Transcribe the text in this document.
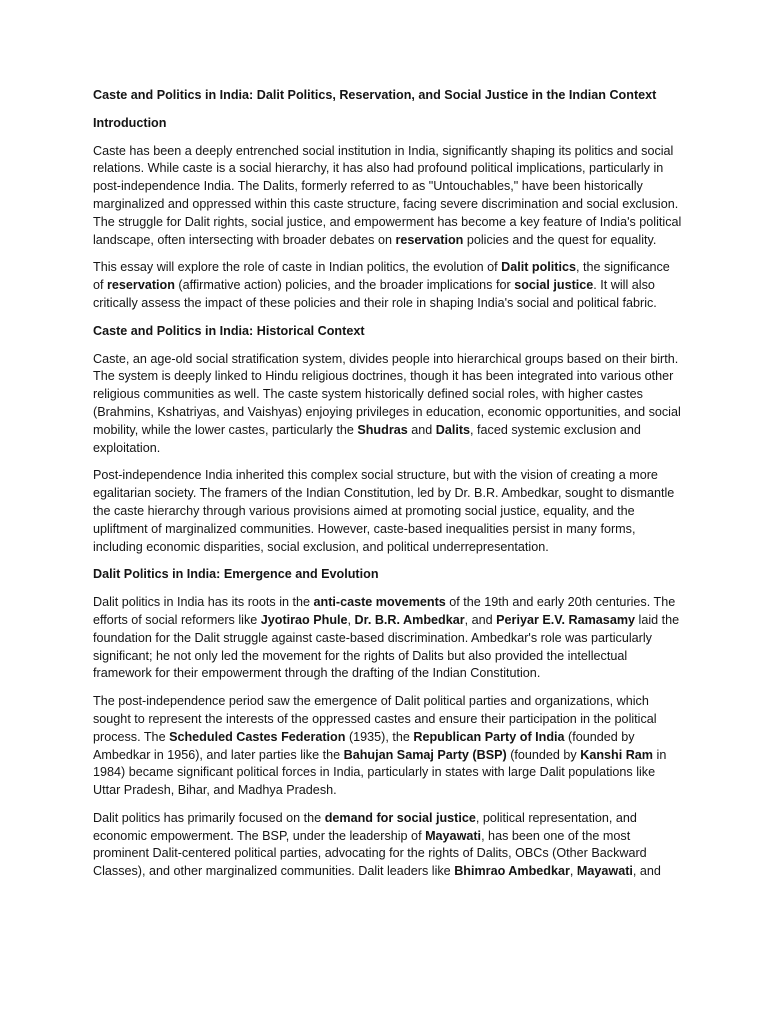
Caste and Politics in India: Dalit Politics, Reservation, and Social Justice in the Indian Context

Introduction

Caste has been a deeply entrenched social institution in India, significantly shaping its politics and social relations. While caste is a social hierarchy, it has also had profound political implications, particularly in post-independence India. The Dalits, formerly referred to as "Untouchables," have been historically marginalized and oppressed within this caste structure, facing severe discrimination and social exclusion. The struggle for Dalit rights, social justice, and empowerment has become a key feature of India's political landscape, often intersecting with broader debates on reservation policies and the quest for equality.

This essay will explore the role of caste in Indian politics, the evolution of Dalit politics, the significance of reservation (affirmative action) policies, and the broader implications for social justice. It will also critically assess the impact of these policies and their role in shaping India's social and political fabric.

Caste and Politics in India: Historical Context

Caste, an age-old social stratification system, divides people into hierarchical groups based on their birth. The system is deeply linked to Hindu religious doctrines, though it has been integrated into various other religious communities as well. The caste system historically defined social roles, with higher castes (Brahmins, Kshatriyas, and Vaishyas) enjoying privileges in education, economic opportunities, and social mobility, while the lower castes, particularly the Shudras and Dalits, faced systemic exclusion and exploitation.

Post-independence India inherited this complex social structure, but with the vision of creating a more egalitarian society. The framers of the Indian Constitution, led by Dr. B.R. Ambedkar, sought to dismantle the caste hierarchy through various provisions aimed at promoting social justice, equality, and the upliftment of marginalized communities. However, caste-based inequalities persist in many forms, including economic disparities, social exclusion, and political underrepresentation.

Dalit Politics in India: Emergence and Evolution

Dalit politics in India has its roots in the anti-caste movements of the 19th and early 20th centuries. The efforts of social reformers like Jyotirao Phule, Dr. B.R. Ambedkar, and Periyar E.V. Ramasamy laid the foundation for the Dalit struggle against caste-based discrimination. Ambedkar's role was particularly significant; he not only led the movement for the rights of Dalits but also provided the intellectual framework for their empowerment through the drafting of the Indian Constitution.

The post-independence period saw the emergence of Dalit political parties and organizations, which sought to represent the interests of the oppressed castes and ensure their participation in the political process. The Scheduled Castes Federation (1935), the Republican Party of India (founded by Ambedkar in 1956), and later parties like the Bahujan Samaj Party (BSP) (founded by Kanshi Ram in 1984) became significant political forces in India, particularly in states with large Dalit populations like Uttar Pradesh, Bihar, and Madhya Pradesh.

Dalit politics has primarily focused on the demand for social justice, political representation, and economic empowerment. The BSP, under the leadership of Mayawati, has been one of the most prominent Dalit-centered political parties, advocating for the rights of Dalits, OBCs (Other Backward Classes), and other marginalized communities. Dalit leaders like Bhimrao Ambedkar, Mayawati, and
